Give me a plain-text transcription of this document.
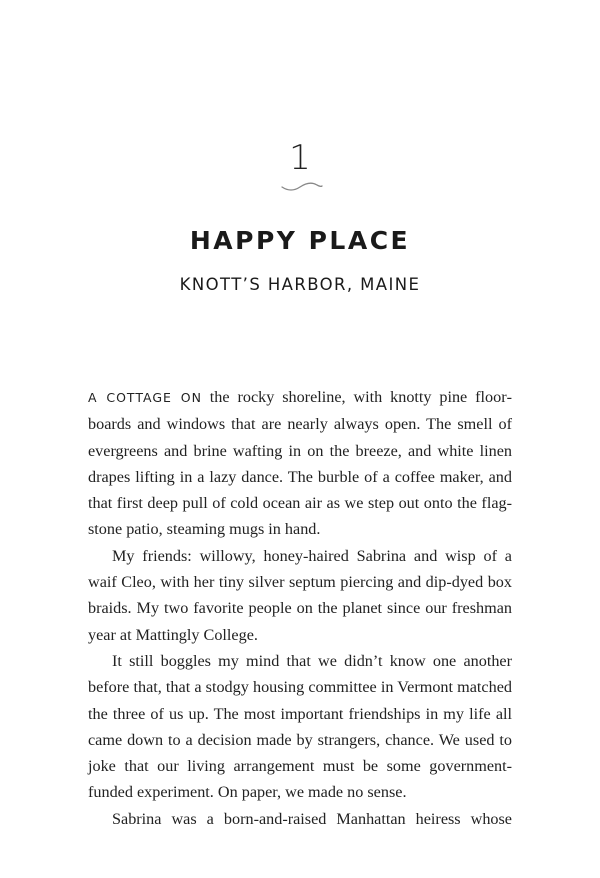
1
HAPPY PLACE
KNOTT’S HARBOR, MAINE

A COTTAGE ON the rocky shoreline, with knotty pine floorboards and windows that are nearly always open. The smell of evergreens and brine wafting in on the breeze, and white linen drapes lifting in a lazy dance. The burble of a coffee maker, and that first deep pull of cold ocean air as we step out onto the flagstone patio, steaming mugs in hand.

My friends: willowy, honey-haired Sabrina and wisp of a waif Cleo, with her tiny silver septum piercing and dip-dyed box braids. My two favorite people on the planet since our freshman year at Mattingly College.

It still boggles my mind that we didn’t know one another before that, that a stodgy housing committee in Vermont matched the three of us up. The most important friendships in my life all came down to a decision made by strangers, chance. We used to joke that our living arrangement must be some government-funded experiment. On paper, we made no sense.

Sabrina was a born-and-raised Manhattan heiress whose
